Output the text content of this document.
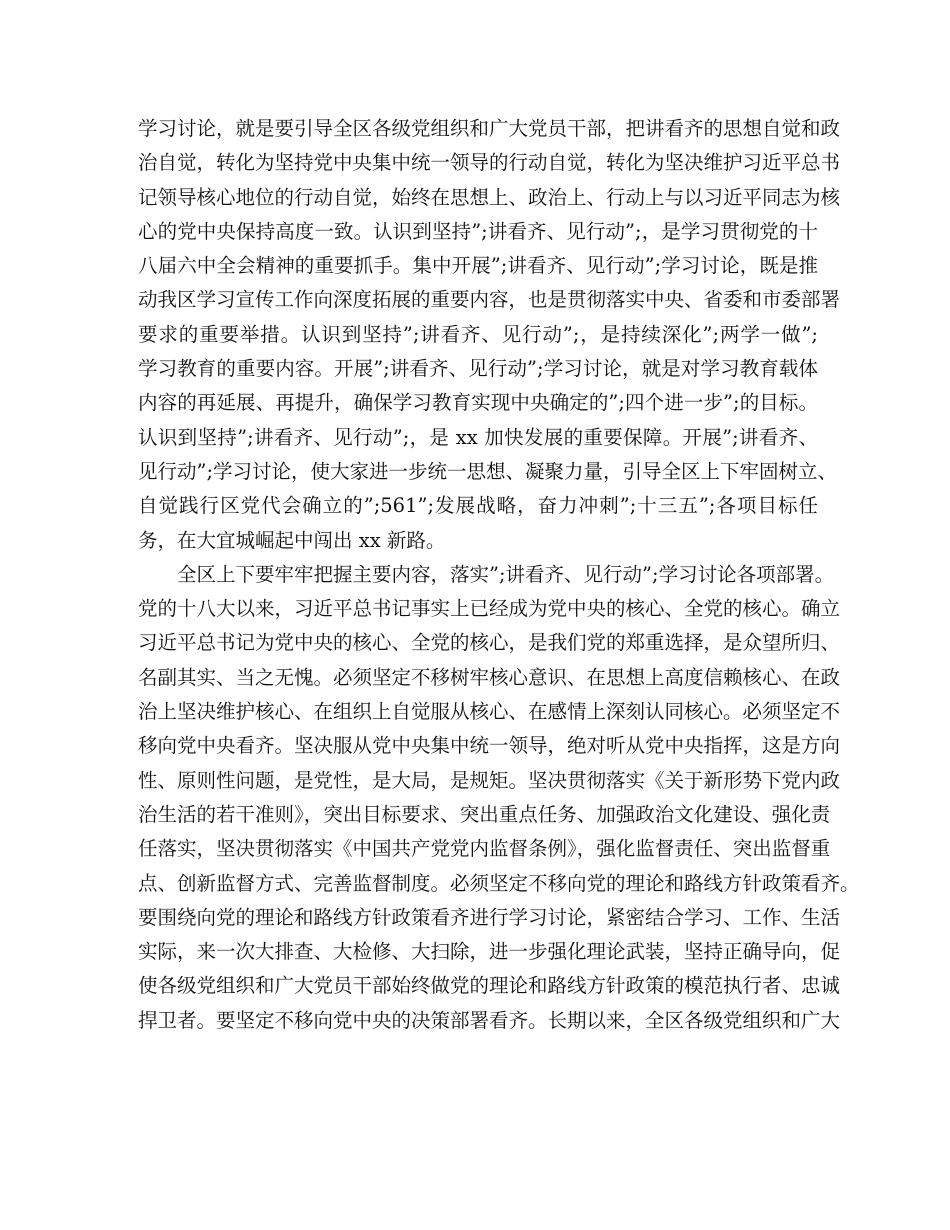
学习讨论，就是要引导全区各级党组织和广大党员干部，把讲看齐的思想自觉和政
治自觉，转化为坚持党中央集中统一领导的行动自觉，转化为坚决维护习近平总书
记领导核心地位的行动自觉，始终在思想上、政治上、行动上与以习近平同志为核
心的党中央保持高度一致。认识到坚持”;讲看齐、见行动”;，是学习贯彻党的十
八届六中全会精神的重要抓手。集中开展”;讲看齐、见行动”;学习讨论，既是推
动我区学习宣传工作向深度拓展的重要内容，也是贯彻落实中央、省委和市委部署
要求的重要举措。认识到坚持”;讲看齐、见行动”;，是持续深化”;两学一做”;
学习教育的重要内容。开展”;讲看齐、见行动”;学习讨论，就是对学习教育载体
内容的再延展、再提升，确保学习教育实现中央确定的”;四个进一步”;的目标。
认识到坚持”;讲看齐、见行动”;，是 xx 加快发展的重要保障。开展”;讲看齐、
见行动”;学习讨论，使大家进一步统一思想、凝聚力量，引导全区上下牢固树立、
自觉践行区党代会确立的”;561”;发展战略，奋力冲刺”;十三五”;各项目标任
务，在大宜城崛起中闯出 xx 新路。
全区上下要牢牢把握主要内容，落实”;讲看齐、见行动”;学习讨论各项部署。
党的十八大以来，习近平总书记事实上已经成为党中央的核心、全党的核心。确立
习近平总书记为党中央的核心、全党的核心，是我们党的郑重选择，是众望所归、
名副其实、当之无愧。必须坚定不移树牢核心意识、在思想上高度信赖核心、在政
治上坚决维护核心、在组织上自觉服从核心、在感情上深刻认同核心。必须坚定不
移向党中央看齐。坚决服从党中央集中统一领导，绝对听从党中央指挥，这是方向
性、原则性问题，是党性，是大局，是规矩。坚决贯彻落实《关于新形势下党内政
治生活的若干准则》，突出目标要求、突出重点任务、加强政治文化建设、强化责
任落实，坚决贯彻落实《中国共产党党内监督条例》，强化监督责任、突出监督重
点、创新监督方式、完善监督制度。必须坚定不移向党的理论和路线方针政策看齐。
要围绕向党的理论和路线方针政策看齐进行学习讨论，紧密结合学习、工作、生活
实际，来一次大排查、大检修、大扫除，进一步强化理论武装，坚持正确导向，促
使各级党组织和广大党员干部始终做党的理论和路线方针政策的模范执行者、忠诚
捍卫者。要坚定不移向党中央的决策部署看齐。长期以来，全区各级党组织和广大
